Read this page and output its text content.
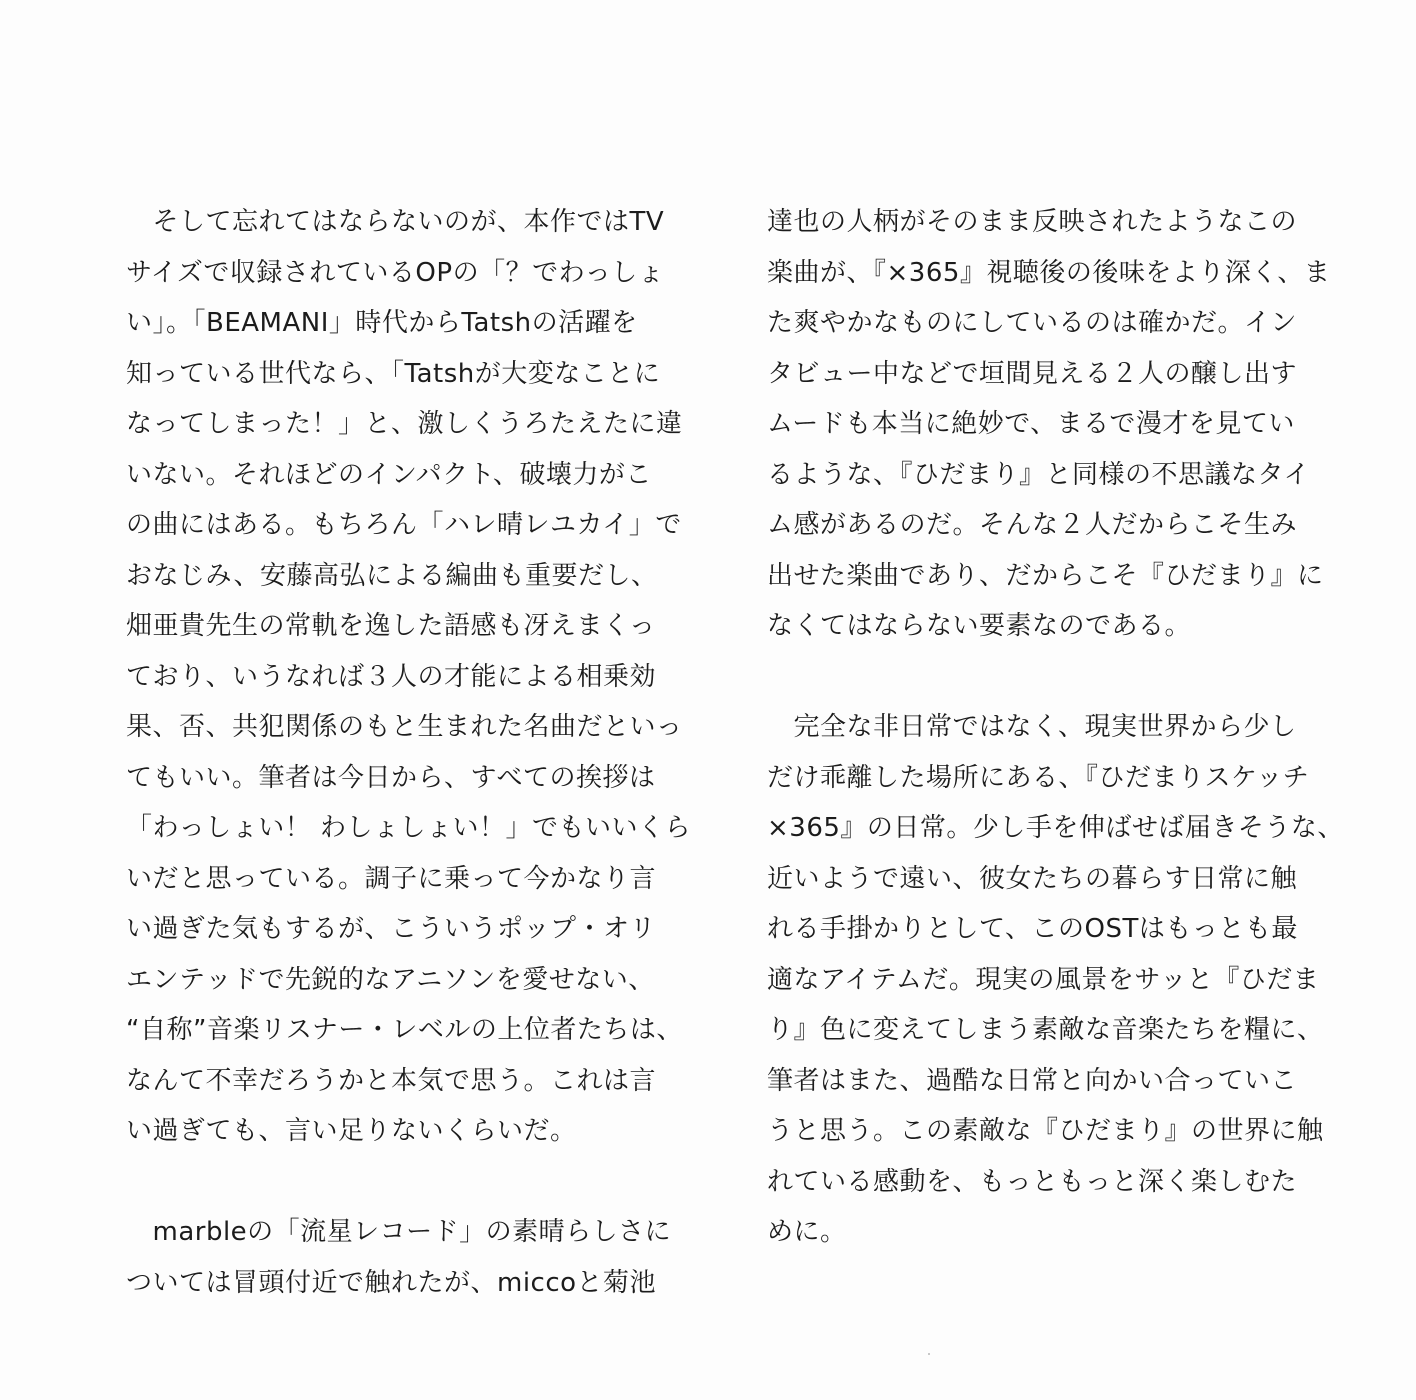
　そして忘れてはならないのが、本作ではTV
サイズで収録されているOPの「？でわっしょ
い」。「BEAMANI」時代からTatshの活躍を
知っている世代なら、「Tatshが大変なことに
なってしまった！」と、激しくうろたえたに違
いない。それほどのインパクト、破壊力がこ
の曲にはある。もちろん「ハレ晴レユカイ」で
おなじみ、安藤高弘による編曲も重要だし、
畑亜貴先生の常軌を逸した語感も冴えまくっ
ており、いうなれば３人の才能による相乗効
果、否、共犯関係のもと生まれた名曲だといっ
てもいい。筆者は今日から、すべての挨拶は
「わっしょい！ わしょしょい！」でもいいくら
いだと思っている。調子に乗って今かなり言
い過ぎた気もするが、こういうポップ・オリ
エンテッドで先鋭的なアニソンを愛せない、
“自称”音楽リスナー・レベルの上位者たちは、
なんて不幸だろうかと本気で思う。これは言
い過ぎても、言い足りないくらいだ。
　marbleの「流星レコード」の素晴らしさに
ついては冒頭付近で触れたが、miccoと菊池
達也の人柄がそのまま反映されたようなこの
楽曲が、『×365』視聴後の後味をより深く、ま
た爽やかなものにしているのは確かだ。イン
タビュー中などで垣間見える２人の醸し出す
ムードも本当に絶妙で、まるで漫才を見てい
るような、『ひだまり』と同様の不思議なタイ
ム感があるのだ。そんな２人だからこそ生み
出せた楽曲であり、だからこそ『ひだまり』に
なくてはならない要素なのである。
　完全な非日常ではなく、現実世界から少し
だけ乖離した場所にある、『ひだまりスケッチ
×365』の日常。少し手を伸ばせば届きそうな、
近いようで遠い、彼女たちの暮らす日常に触
れる手掛かりとして、このOSTはもっとも最
適なアイテムだ。現実の風景をサッと『ひだま
り』色に変えてしまう素敵な音楽たちを糧に、
筆者はまた、過酷な日常と向かい合っていこ
うと思う。この素敵な『ひだまり』の世界に触
れている感動を、もっともっと深く楽しむた
めに。
